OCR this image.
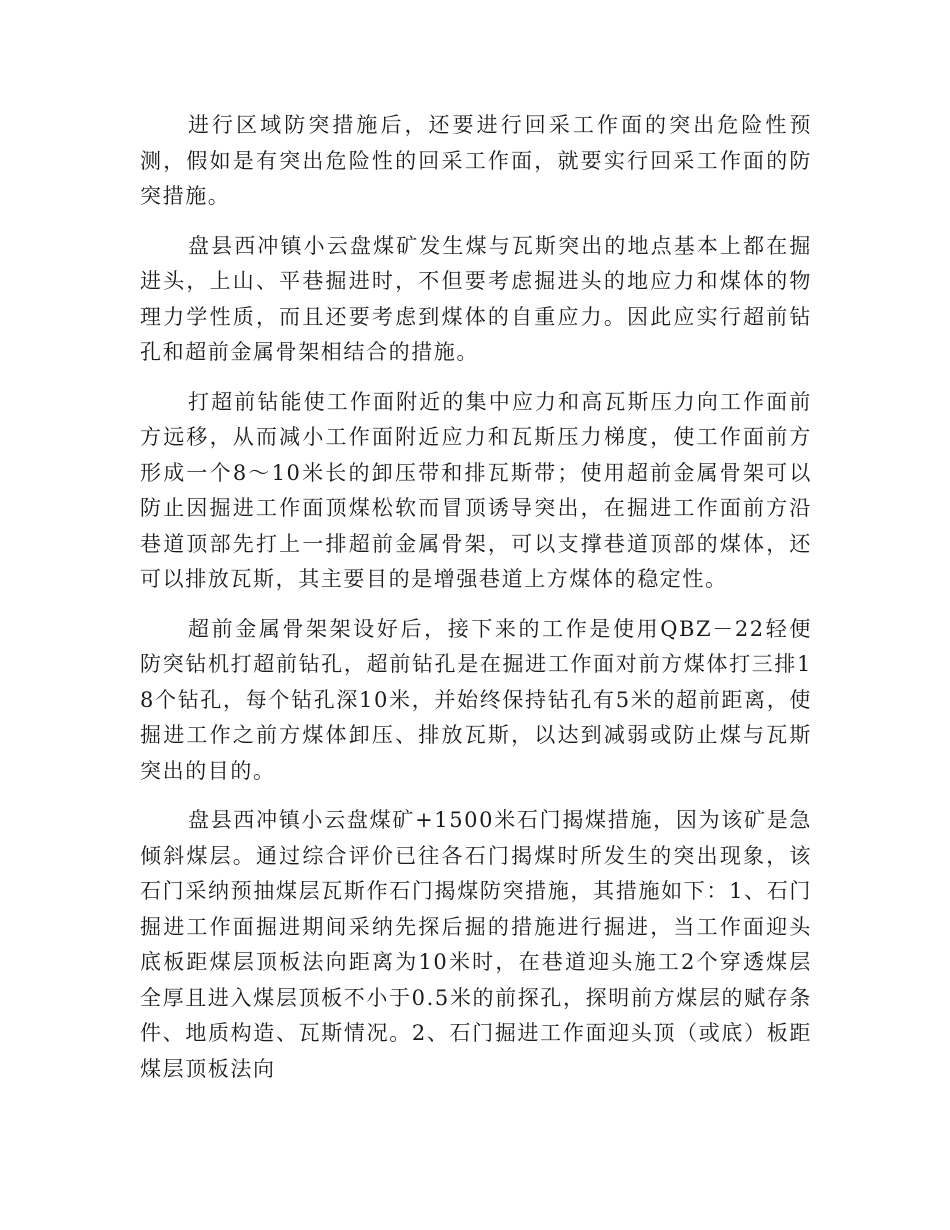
进行区域防突措施后，还要进行回采工作面的突出危险性预测，假如是有突出危险性的回采工作面，就要实行回采工作面的防突措施。

盘县西冲镇小云盘煤矿发生煤与瓦斯突出的地点基本上都在掘进头，上山、平巷掘进时，不但要考虑掘进头的地应力和煤体的物理力学性质，而且还要考虑到煤体的自重应力。因此应实行超前钻孔和超前金属骨架相结合的措施。

打超前钻能使工作面附近的集中应力和高瓦斯压力向工作面前方远移，从而减小工作面附近应力和瓦斯压力梯度，使工作面前方形成一个8～10米长的卸压带和排瓦斯带；使用超前金属骨架可以防止因掘进工作面顶煤松软而冒顶诱导突出，在掘进工作面前方沿巷道顶部先打上一排超前金属骨架，可以支撑巷道顶部的煤体，还可以排放瓦斯，其主要目的是增强巷道上方煤体的稳定性。

超前金属骨架架设好后，接下来的工作是使用QBZ－22轻便防突钻机打超前钻孔，超前钻孔是在掘进工作面对前方煤体打三排18个钻孔，每个钻孔深10米，并始终保持钻孔有5米的超前距离，使掘进工作之前方煤体卸压、排放瓦斯，以达到减弱或防止煤与瓦斯突出的目的。

盘县西冲镇小云盘煤矿+1500米石门揭煤措施，因为该矿是急倾斜煤层。通过综合评价已往各石门揭煤时所发生的突出现象，该石门采纳预抽煤层瓦斯作石门揭煤防突措施，其措施如下：1、石门掘进工作面掘进期间采纳先探后掘的措施进行掘进，当工作面迎头底板距煤层顶板法向距离为10米时，在巷道迎头施工2个穿透煤层全厚且进入煤层顶板不小于0.5米的前探孔，探明前方煤层的赋存条件、地质构造、瓦斯情况。2、石门掘进工作面迎头顶（或底）板距煤层顶板法向
